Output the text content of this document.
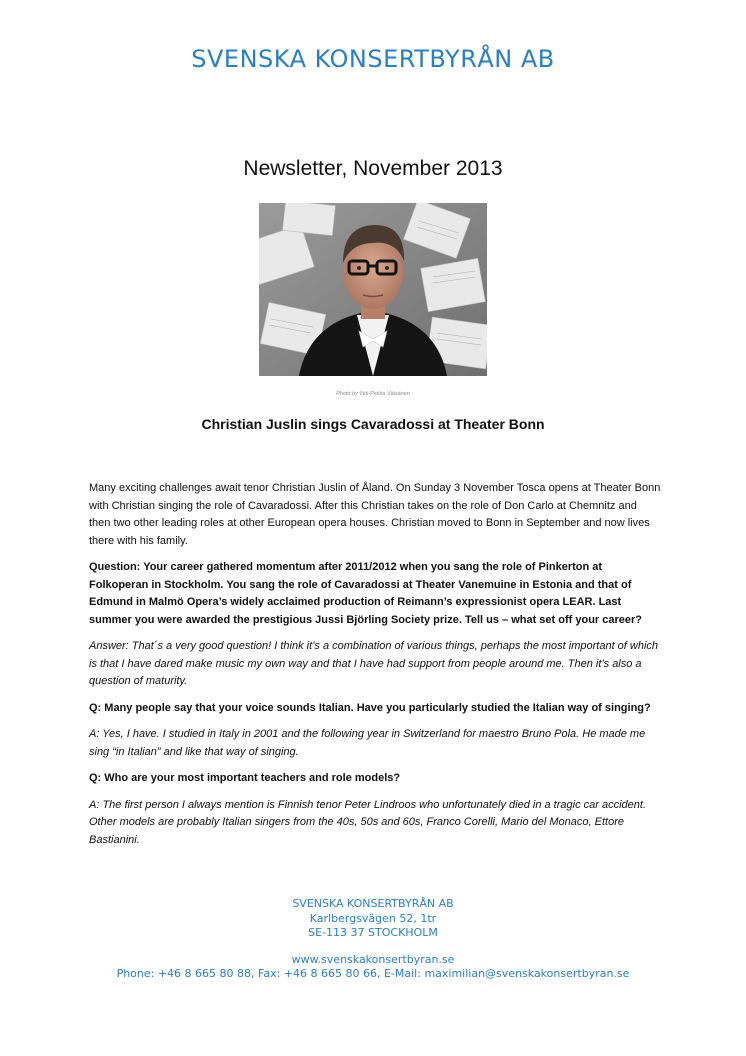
SVENSKA KONSERTBYRÅN AB
Newsletter, November 2013
Photo by Veli-Pekka Väisänen
Christian Juslin sings Cavaradossi at Theater Bonn

Many exciting challenges await tenor Christian Juslin of Åland. On Sunday 3 November Tosca opens at Theater Bonn with Christian singing the role of Cavaradossi. After this Christian takes on the role of Don Carlo at Chemnitz and then two other leading roles at other European opera houses. Christian moved to Bonn in September and now lives there with his family.

Question: Your career gathered momentum after 2011/2012 when you sang the role of Pinkerton at Folkoperan in Stockholm. You sang the role of Cavaradossi at Theater Vanemuine in Estonia and that of Edmund in Malmö Opera’s widely acclaimed production of Reimann’s expressionist opera LEAR. Last summer you were awarded the prestigious Jussi Björling Society prize. Tell us – what set off your career?

Answer: That´s a very good question! I think it’s a combination of various things, perhaps the most important of which is that I have dared make music my own way and that I have had support from people around me. Then it’s also a question of maturity.

Q: Many people say that your voice sounds Italian. Have you particularly studied the Italian way of singing?

A: Yes, I have. I studied in Italy in 2001 and the following year in Switzerland for maestro Bruno Pola. He made me sing “in Italian” and like that way of singing.

Q: Who are your most important teachers and role models?

A: The first person I always mention is Finnish tenor Peter Lindroos who unfortunately died in a tragic car accident. Other models are probably Italian singers from the 40s, 50s and 60s, Franco Corelli, Mario del Monaco, Ettore Bastianini.

SVENSKA KONSERTBYRÅN AB
Karlbergsvägen 52, 1tr
SE-113 37 STOCKHOLM
www.svenskakonsertbyran.se
Phone: +46 8 665 80 88, Fax: +46 8 665 80 66, E-Mail: maximilian@svenskakonsertbyran.se
